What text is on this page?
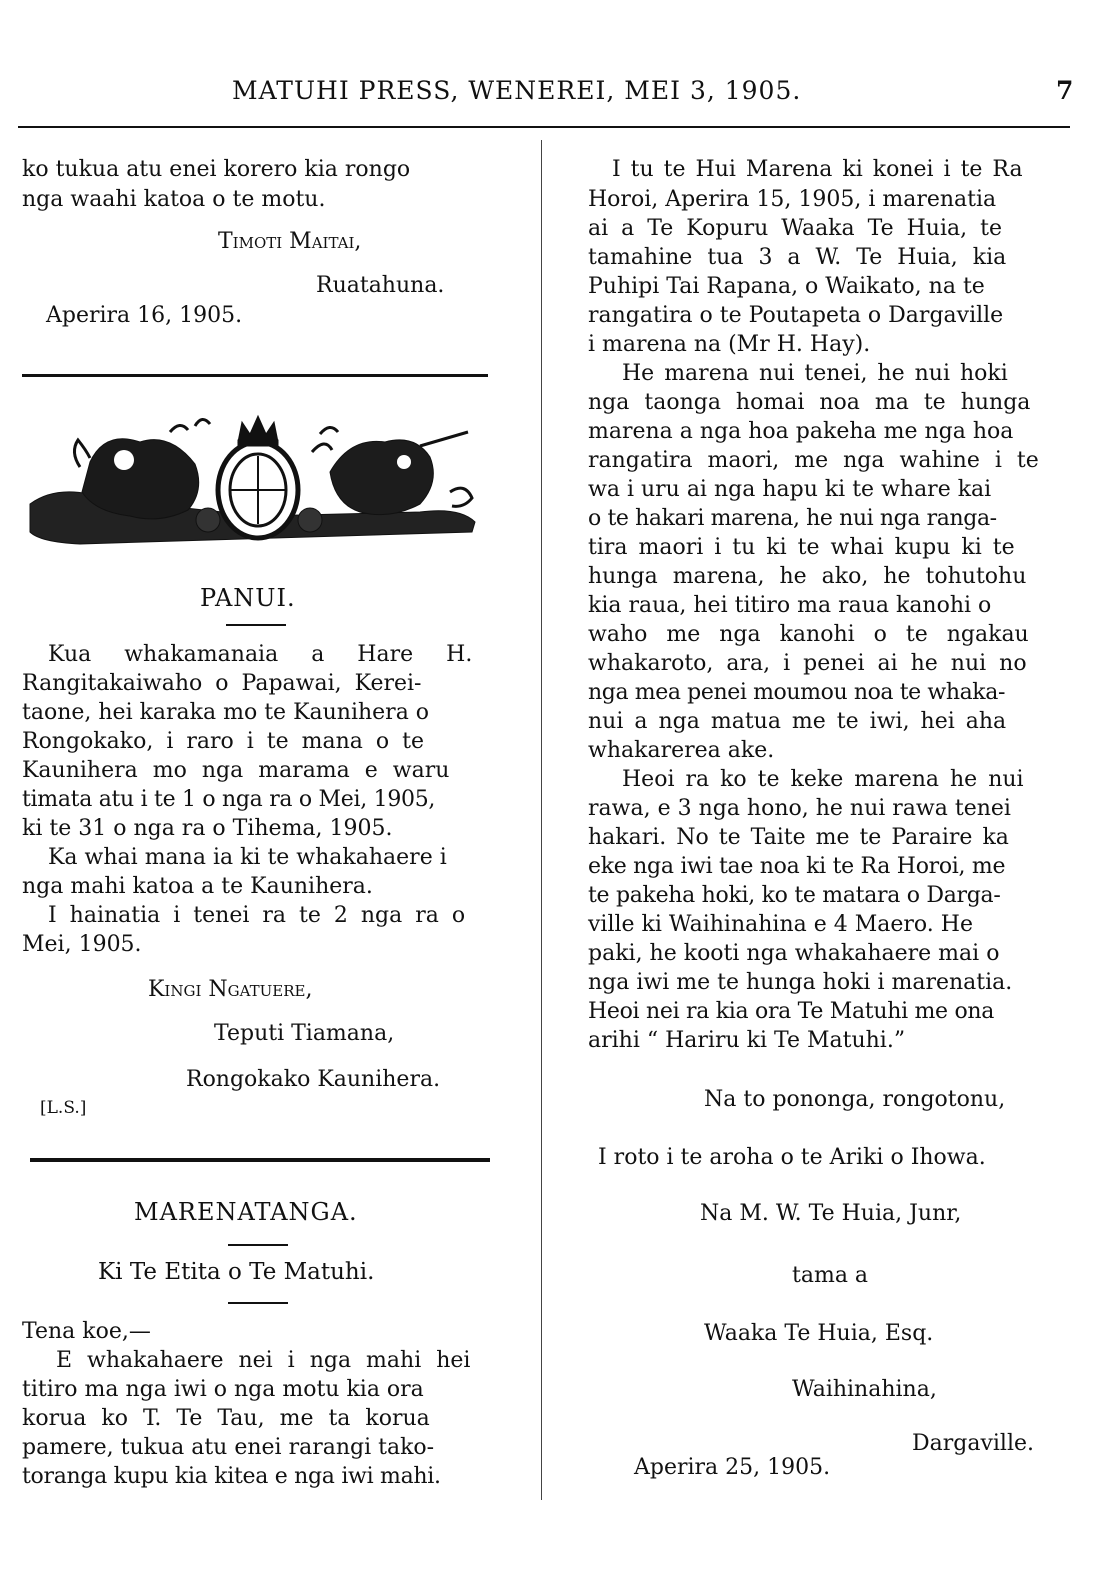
MATUHI PRESS, WENEREI, MEI 3, 1905.	7
ko tukua atu enei korero kia rongo
nga waahi katoa o te motu.
Timoti Maitai,
Ruatahuna.
Aperira 16, 1905.
PANUI.
Kua whakamanaia a Hare H.
Rangitakaiwaho o Papawai, Kerei-
taone, hei karaka mo te Kaunihera o
Rongokako, i raro i te mana o te
Kaunihera mo nga marama e waru
timata atu i te 1 o nga ra o Mei, 1905,
ki te 31 o nga ra o Tihema, 1905.
Ka whai mana ia ki te whakahaere i
nga mahi katoa a te Kaunihera.
I hainatia i tenei ra te 2 nga ra o
Mei, 1905.
Kingi Ngatuere,
Teputi Tiamana,
Rongokako Kaunihera.
[L.S.]
MARENATANGA.
Ki Te Etita o Te Matuhi.
Tena koe,—
E whakahaere nei i nga mahi hei
titiro ma nga iwi o nga motu kia ora
korua ko T. Te Tau, me ta korua
pamere, tukua atu enei rarangi tako-
toranga kupu kia kitea e nga iwi mahi.
I tu te Hui Marena ki konei i te Ra
Horoi, Aperira 15, 1905, i marenatia
ai a Te Kopuru Waaka Te Huia, te
tamahine tua 3 a W. Te Huia, kia
Puhipi Tai Rapana, o Waikato, na te
rangatira o te Poutapeta o Dargaville
i marena na (Mr H. Hay).
He marena nui tenei, he nui hoki
nga taonga homai noa ma te hunga
marena a nga hoa pakeha me nga hoa
rangatira maori, me nga wahine i te
wa i uru ai nga hapu ki te whare kai
o te hakari marena, he nui nga ranga-
tira maori i tu ki te whai kupu ki te
hunga marena, he ako, he tohutohu
kia raua, hei titiro ma raua kanohi o
waho me nga kanohi o te ngakau
whakaroto, ara, i penei ai he nui no
nga mea penei moumou noa te whaka-
nui a nga matua me te iwi, hei aha
whakarerea ake.
Heoi ra ko te keke marena he nui
rawa, e 3 nga hono, he nui rawa tenei
hakari. No te Taite me te Paraire ka
eke nga iwi tae noa ki te Ra Horoi, me
te pakeha hoki, ko te matara o Darga-
ville ki Waihinahina e 4 Maero. He
paki, he kooti nga whakahaere mai o
nga iwi me te hunga hoki i marenatia.
Heoi nei ra kia ora Te Matuhi me ona
arihi “ Hariru ki Te Matuhi.”
Na to pononga, rongotonu,
I roto i te aroha o te Ariki o Ihowa.
Na M. W. Te Huia, Junr,
tama a
Waaka Te Huia, Esq.
Waihinahina,
Dargaville.
Aperira 25, 1905.
